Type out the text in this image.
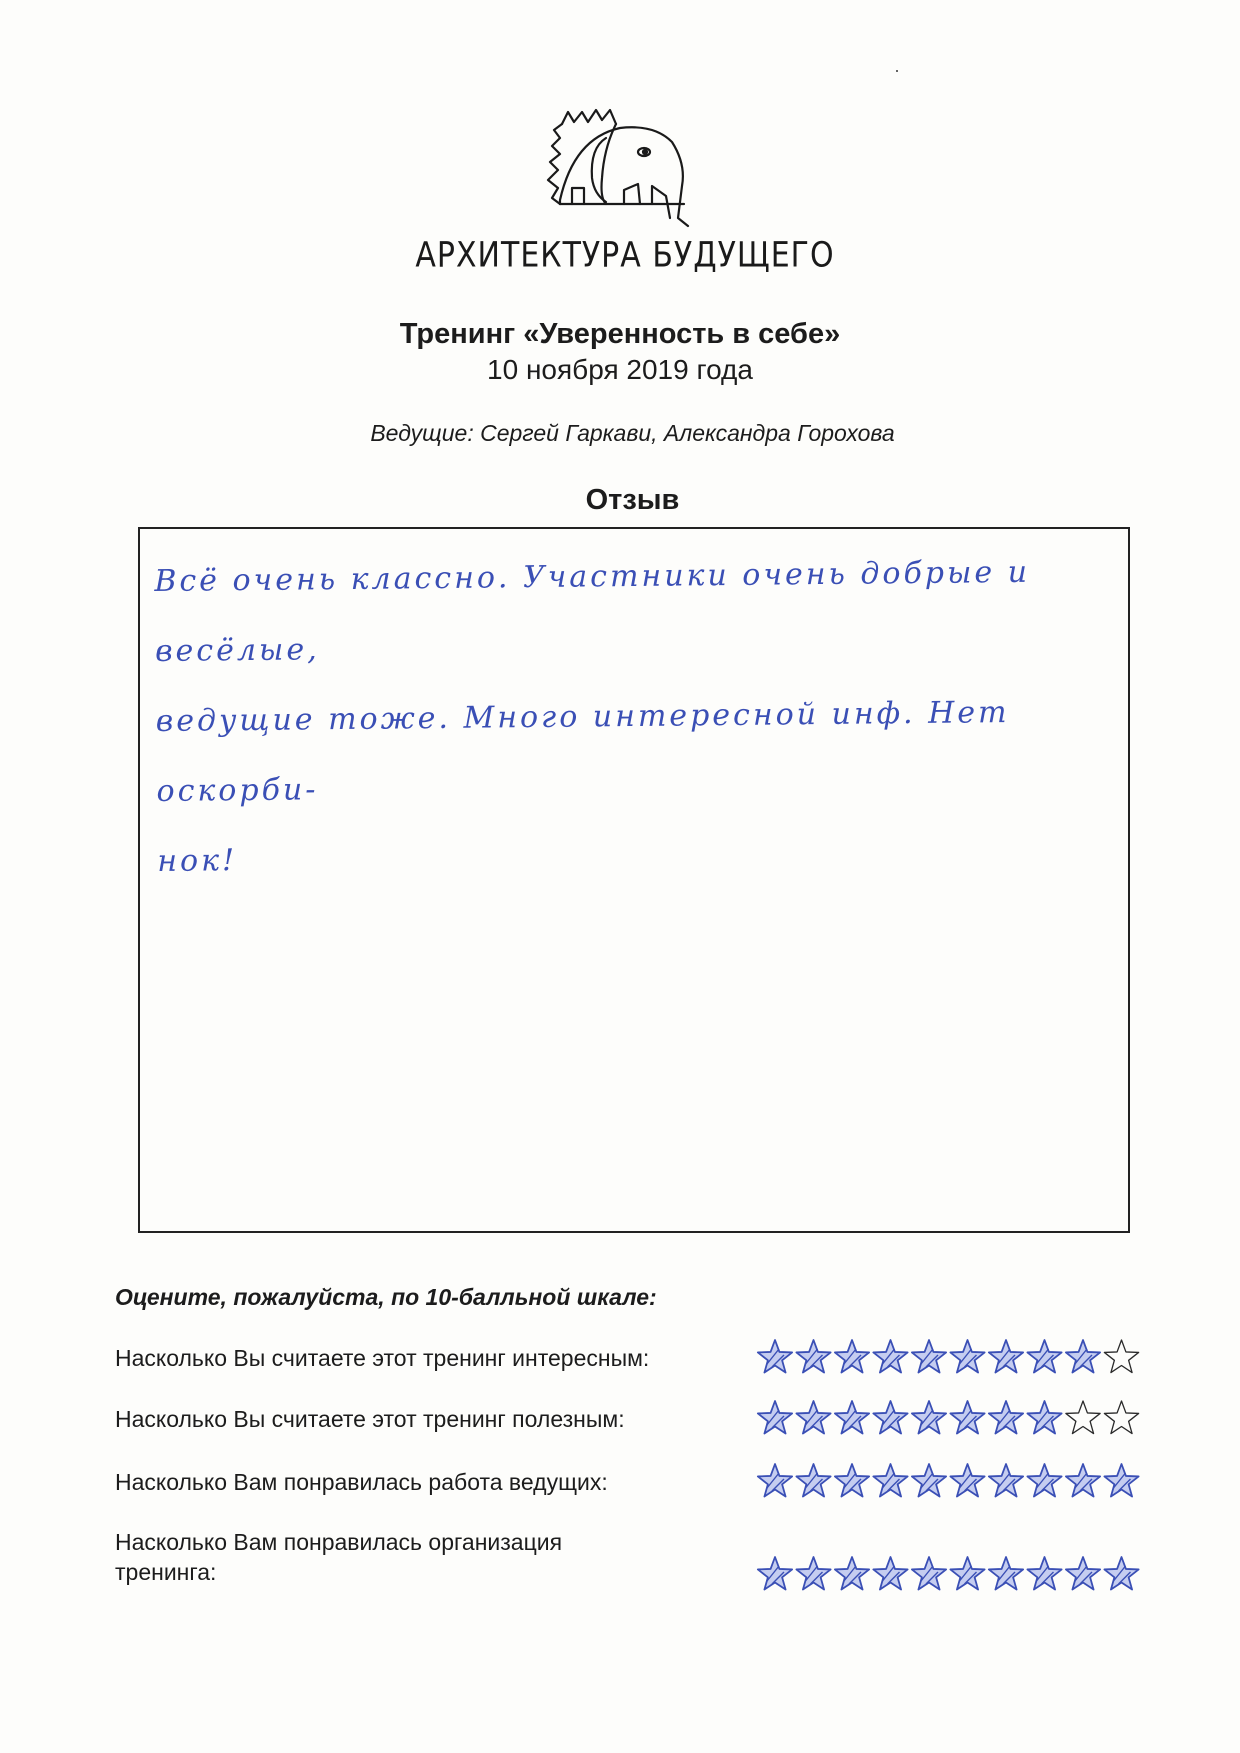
АРХИТЕКТУРА БУДУЩЕГО
Тренинг «Уверенность в себе»
10 ноября 2019 года
Ведущие: Сергей Гаркави, Александра Горохова
Отзыв
Всё очень классно. Участники очень добрые и весёлые,
ведущие тоже. Много интересной инф. Нет оскорби-
нок!
Оцените, пожалуйста, по 10-балльной шкале:
Насколько Вы считаете этот тренинг интересным:
Насколько Вы считаете этот тренинг полезным:
Насколько Вам понравилась работа ведущих:
Насколько Вам понравилась организация
тренинга:
